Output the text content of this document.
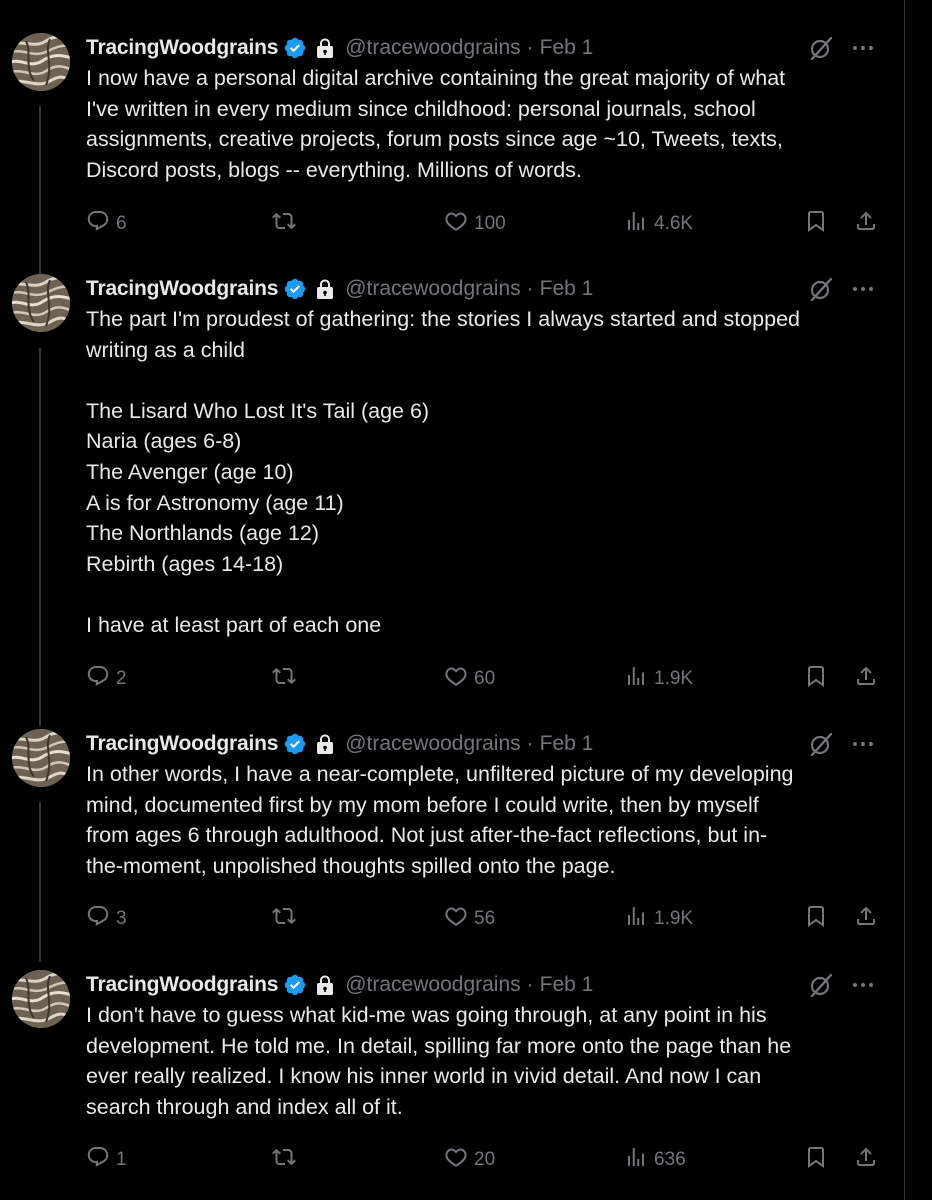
TracingWoodgrains	@tracewoodgrains · Feb 1
I now have a personal digital archive containing the great majority of what
I've written in every medium since childhood: personal journals, school
assignments, creative projects, forum posts since age ~10, Tweets, texts,
Discord posts, blogs -- everything. Millions of words.
6	100	4.6K
TracingWoodgrains	@tracewoodgrains · Feb 1
The part I'm proudest of gathering: the stories I always started and stopped
writing as a child
The Lisard Who Lost It's Tail (age 6)
Naria (ages 6-8)
The Avenger (age 10)
A is for Astronomy (age 11)
The Northlands (age 12)
Rebirth (ages 14-18)
I have at least part of each one
2	60	1.9K
TracingWoodgrains	@tracewoodgrains · Feb 1
In other words, I have a near-complete, unfiltered picture of my developing
mind, documented first by my mom before I could write, then by myself
from ages 6 through adulthood. Not just after-the-fact reflections, but in-
the-moment, unpolished thoughts spilled onto the page.
3	56	1.9K
TracingWoodgrains	@tracewoodgrains · Feb 1
I don't have to guess what kid-me was going through, at any point in his
development. He told me. In detail, spilling far more onto the page than he
ever really realized. I know his inner world in vivid detail. And now I can
search through and index all of it.
1	20	636
